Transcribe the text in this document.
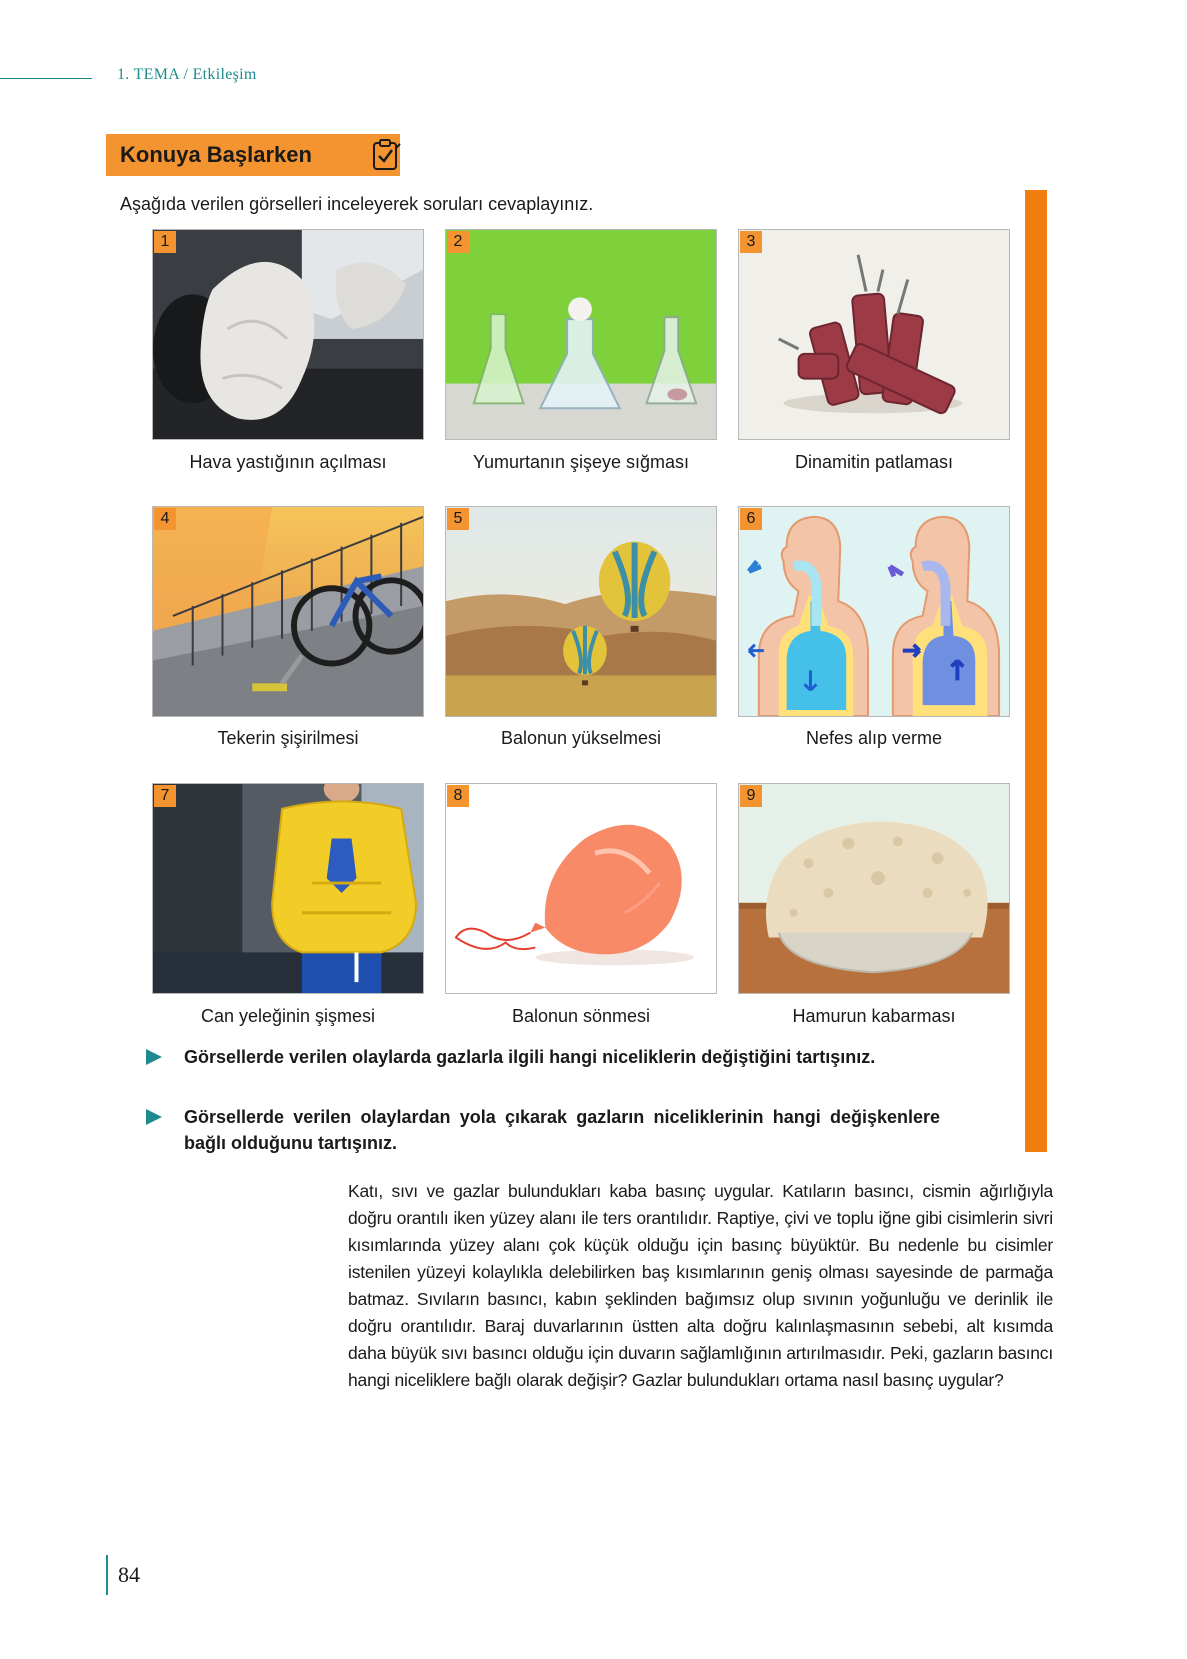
1. TEMA / Etkileşim
Konuya Başlarken
Aşağıda verilen görselleri inceleyerek soruları cevaplayınız.
1
Hava yastığının açılması
2
Yumurtanın şişeye sığması
3
Dinamitin patlaması
4
Tekerin şişirilmesi
5
Balonun yükselmesi
6
Nefes alıp verme
7
Can yeleğinin şişmesi
8
Balonun sönmesi
9
Hamurun kabarması
Görsellerde verilen olaylarda gazlarla ilgili hangi niceliklerin değiştiğini tartışınız.
Görsellerde verilen olaylardan yola çıkarak gazların niceliklerinin hangi değişkenlere bağlı olduğunu tartışınız.
Katı, sıvı ve gazlar bulundukları kaba basınç uygular. Katıların basıncı, cismin ağırlığıyla doğru orantılı iken yüzey alanı ile ters orantılıdır. Raptiye, çivi ve toplu iğne gibi cisimlerin sivri kısımlarında yüzey alanı çok küçük olduğu için basınç büyüktür. Bu nedenle bu cisimler istenilen yüzeyi kolaylıkla delebilirken baş kısımlarının geniş olması sayesinde de parmağa batmaz. Sıvıların basıncı, kabın şeklinden bağımsız olup sıvının yoğunluğu ve derinlik ile doğru orantılıdır. Baraj duvarlarının üstten alta doğru kalınlaşmasının sebebi, alt kısımda daha büyük sıvı basıncı olduğu için duvarın sağlamlığının artırılmasıdır. Peki, gazların basıncı hangi niceliklere bağlı olarak değişir? Gazlar bulundukları ortama nasıl basınç uygular?
84
